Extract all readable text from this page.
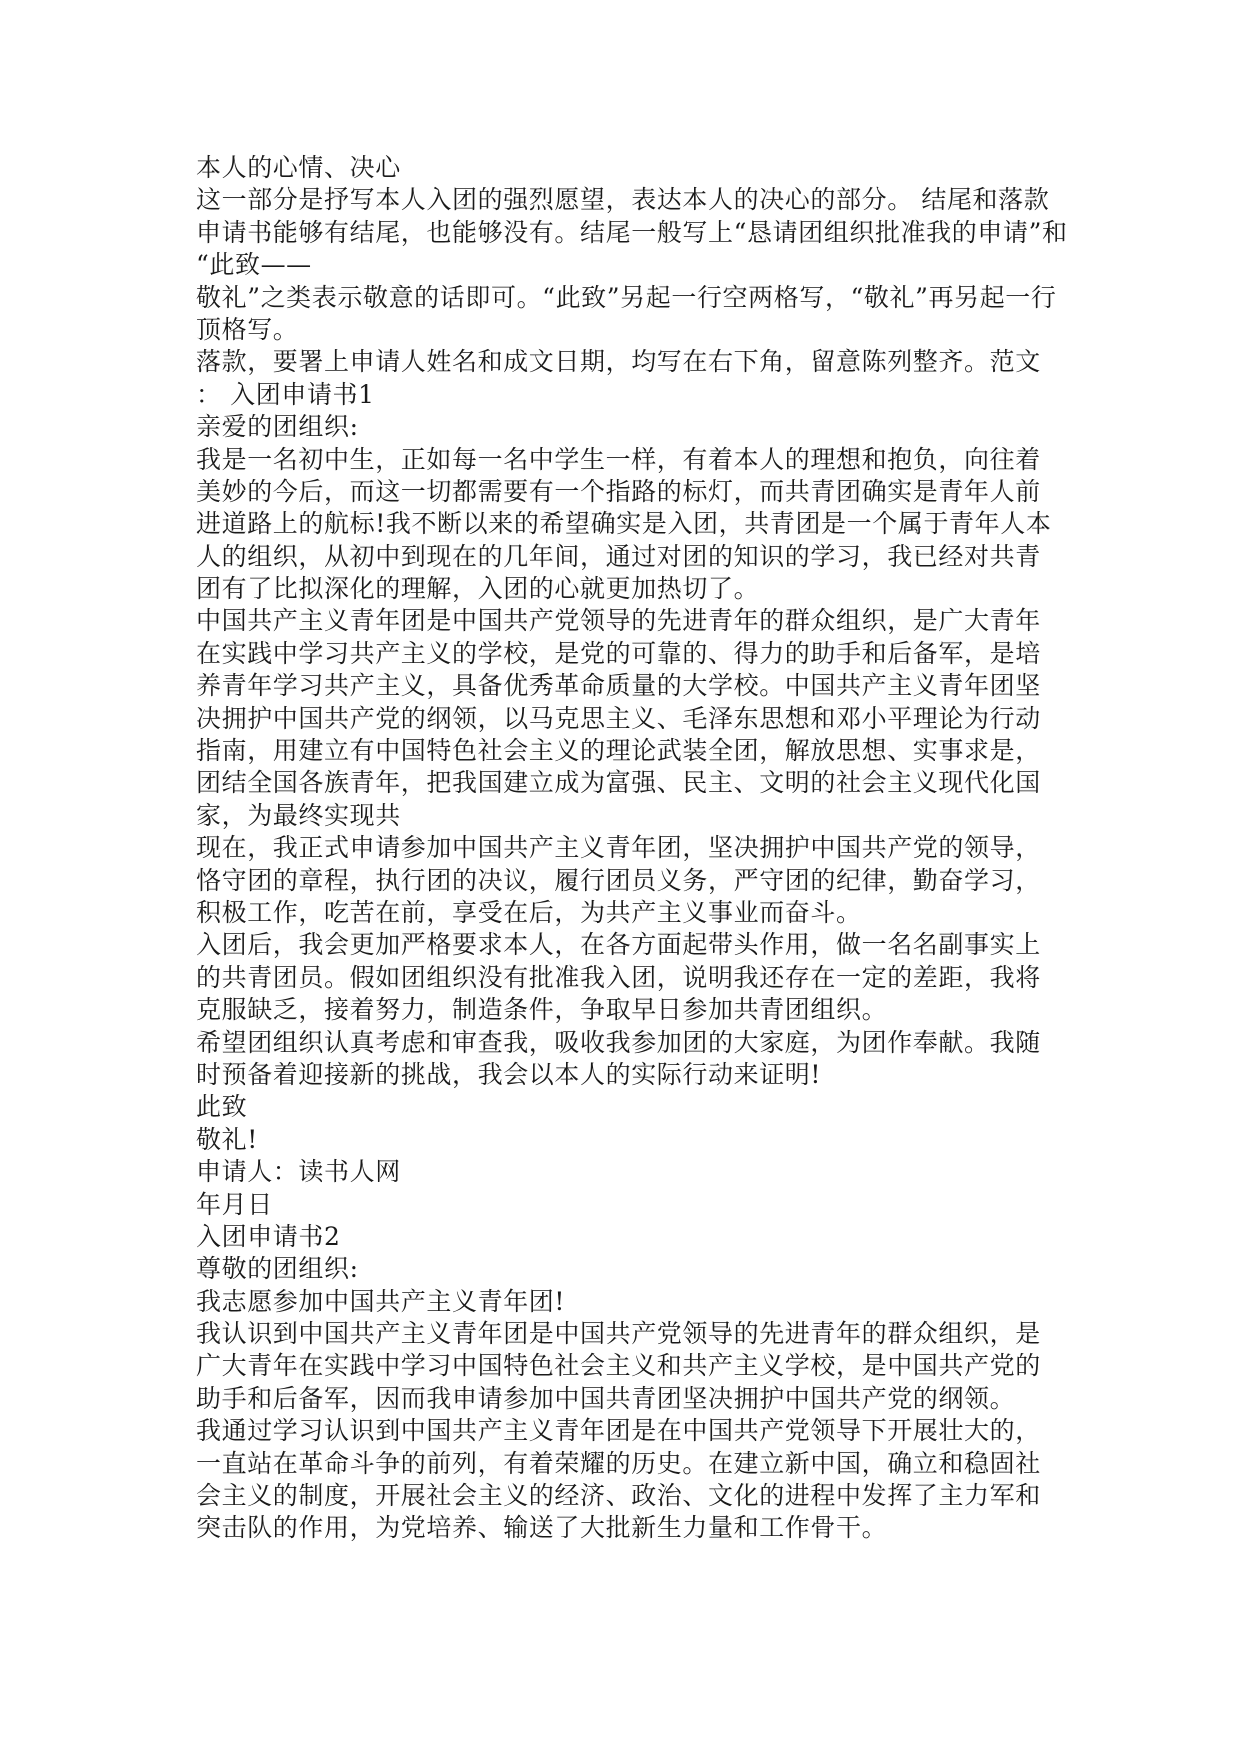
本人的心情、决心
这一部分是抒写本人入团的强烈愿望，表达本人的决心的部分。 结尾和落款
申请书能够有结尾，也能够没有。结尾一般写上“恳请团组织批准我的申请”和
“此致——
敬礼”之类表示敬意的话即可。“此致”另起一行空两格写，“敬礼”再另起一行
顶格写。
落款，要署上申请人姓名和成文日期，均写在右下角，留意陈列整齐。范文
： 入团申请书1
亲爱的团组织:
我是一名初中生，正如每一名中学生一样，有着本人的理想和抱负，向往着
美妙的今后，而这一切都需要有一个指路的标灯，而共青团确实是青年人前
进道路上的航标!我不断以来的希望确实是入团，共青团是一个属于青年人本
人的组织，从初中到现在的几年间，通过对团的知识的学习，我已经对共青
团有了比拟深化的理解，入团的心就更加热切了。
中国共产主义青年团是中国共产党领导的先进青年的群众组织，是广大青年
在实践中学习共产主义的学校，是党的可靠的、得力的助手和后备军，是培
养青年学习共产主义，具备优秀革命质量的大学校。中国共产主义青年团坚
决拥护中国共产党的纲领，以马克思主义、毛泽东思想和邓小平理论为行动
指南，用建立有中国特色社会主义的理论武装全团，解放思想、实事求是，
团结全国各族青年，把我国建立成为富强、民主、文明的社会主义现代化国
家，为最终实现共
现在，我正式申请参加中国共产主义青年团，坚决拥护中国共产党的领导，
恪守团的章程，执行团的决议，履行团员义务，严守团的纪律，勤奋学习，
积极工作，吃苦在前，享受在后，为共产主义事业而奋斗。
入团后，我会更加严格要求本人，在各方面起带头作用，做一名名副事实上
的共青团员。假如团组织没有批准我入团，说明我还存在一定的差距，我将
克服缺乏，接着努力，制造条件，争取早日参加共青团组织。
希望团组织认真考虑和审查我，吸收我参加团的大家庭，为团作奉献。我随
时预备着迎接新的挑战，我会以本人的实际行动来证明!
此致
敬礼!
申请人：读书人网
年月日
入团申请书2
尊敬的团组织:
我志愿参加中国共产主义青年团!
我认识到中国共产主义青年团是中国共产党领导的先进青年的群众组织，是
广大青年在实践中学习中国特色社会主义和共产主义学校，是中国共产党的
助手和后备军，因而我申请参加中国共青团坚决拥护中国共产党的纲领。
我通过学习认识到中国共产主义青年团是在中国共产党领导下开展壮大的，
一直站在革命斗争的前列，有着荣耀的历史。在建立新中国，确立和稳固社
会主义的制度，开展社会主义的经济、政治、文化的进程中发挥了主力军和
突击队的作用，为党培养、输送了大批新生力量和工作骨干。
